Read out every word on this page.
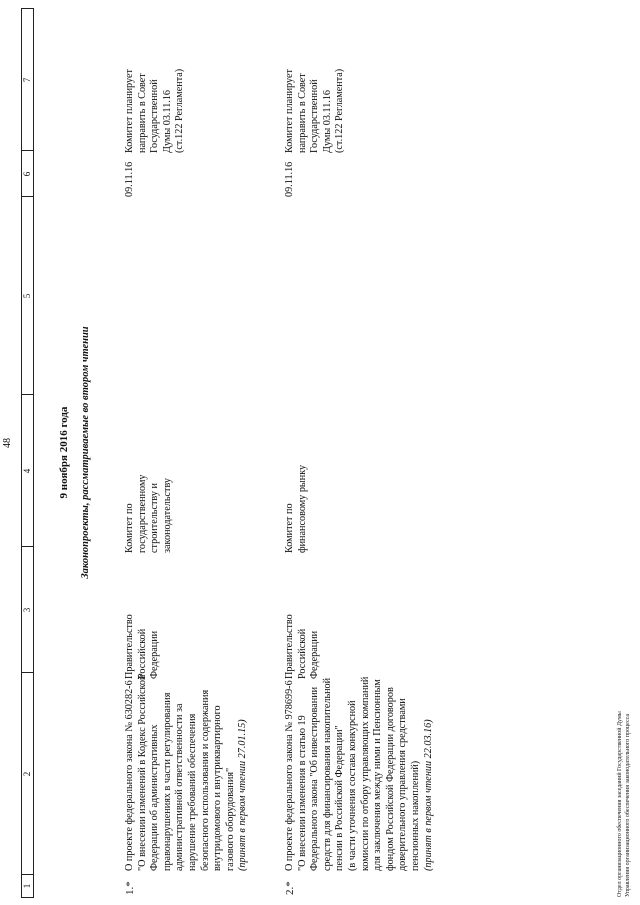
48
1
2
3
4
5
6
7
9 ноября 2016 года Законопроекты, рассматриваемые во втором чтении
1.*
О проекте федерального закона № 630282-6 "О внесении изменений в Кодекс Российской Федерации об административных правонарушениях в части регулирования административной ответственности за нарушение требований обеспечения безопасного использования и содержания внутридомового и внутриквартирного газового оборудования" (принят в первом чтении 27.01.15)
Правительство Российской Федерации
Комитет по государственному строительству и законодательству
09.11.16
Комитет планирует направить в Совет Государственной Думы 03.11.16 (ст.122 Регламента)
2.*
О проекте федерального закона № 978699-6 "О внесении изменения в статью 19 Федерального закона "Об инвестировании средств для финансирования накопительной пенсии в Российской Федерации" (в части уточнения состава конкурсной комиссии по отбору управляющих компаний для заключения между ними и Пенсионным фондом Российской Федерации договоров доверительного управления средствами пенсионных накоплений) (принят в первом чтении 22.03.16)
Правительство Российской Федерации
Комитет по финансовому рынку
09.11.16
Комитет планирует направить в Совет Государственной Думы 03.11.16 (ст.122 Регламента)
Отдел организационного обеспечения заседаний Государственной Думы Управления организационного обеспечения законодательного процесса
